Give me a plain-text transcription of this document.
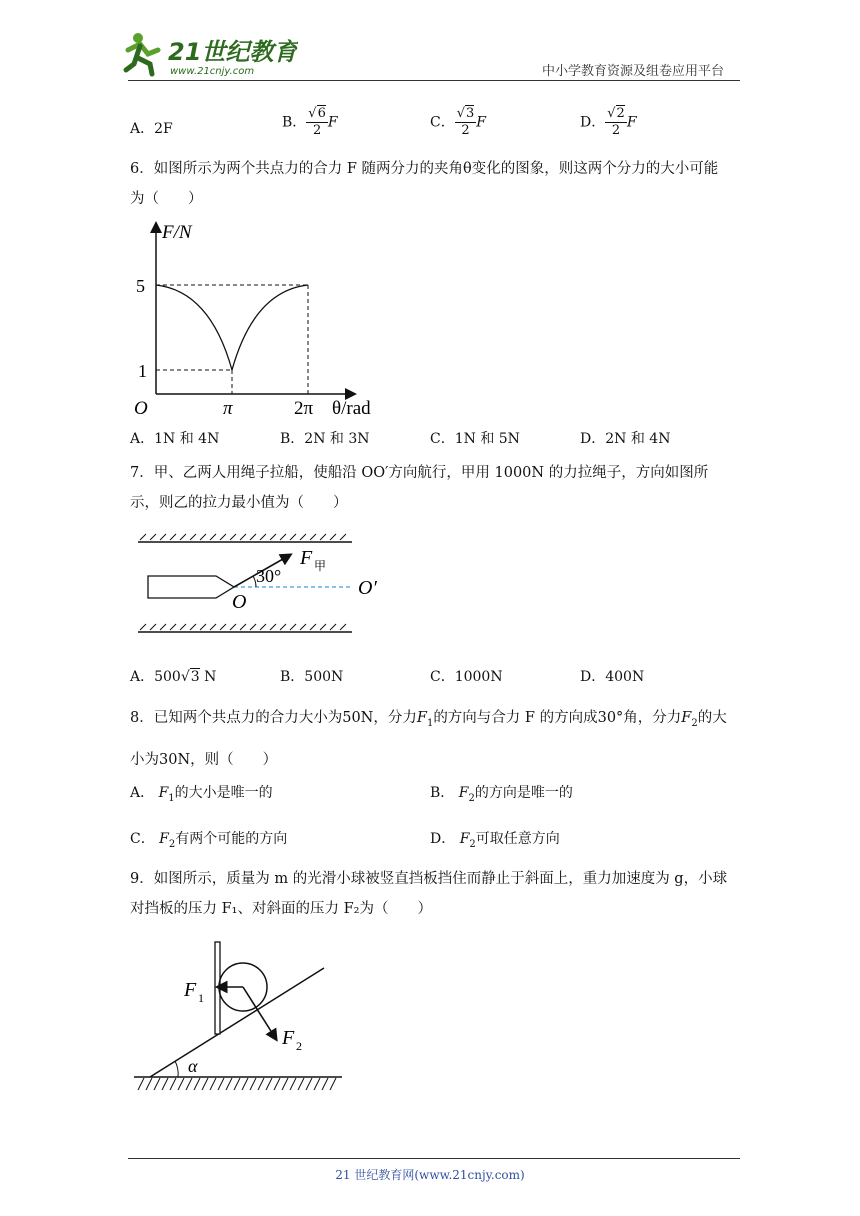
21世纪教育
www.21cnjy.com	中小学教育资源及组卷应用平台
A．2F	B． $\frac{√6}{2}$ F	C． $\frac{√3}{2}$ F	D． $\frac{√2}{2}$ F
6．如图所示为两个共点力的合力 F 随两分力的夹角θ变化的图象，则这两个分力的大小可能为（　　）
F/N
5
1
O	π	2π θ/rad
A．1N 和 4N	B．2N 和 3N	C．1N 和 5N	D．2N 和 4N
7．甲、乙两人用绳子拉船，使船沿 OO′方向航行，甲用 1000N 的力拉绳子，方向如图所示，则乙的拉力最小值为（　　）
30°
F 甲
O
O′
A．500√3 N	B．500N	C．1000N	D．400N
8．已知两个共点力的合力大小为50N，分力$F_1$的方向与合力 F 的方向成30°角，分力$F_2$的大小为30N，则（　　）
A． $F_1$的大小是唯一的	B． $F_2$的方向是唯一的
C． $F_2$有两个可能的方向	D． $F_2$可取任意方向
9．如图所示，质量为 m 的光滑小球被竖直挡板挡住而静止于斜面上，重力加速度为 g，小球对挡板的压力 F₁、对斜面的压力 F₂为（　　）
F 1
F 2
α
21 世纪教育网(www.21cnjy.com)
